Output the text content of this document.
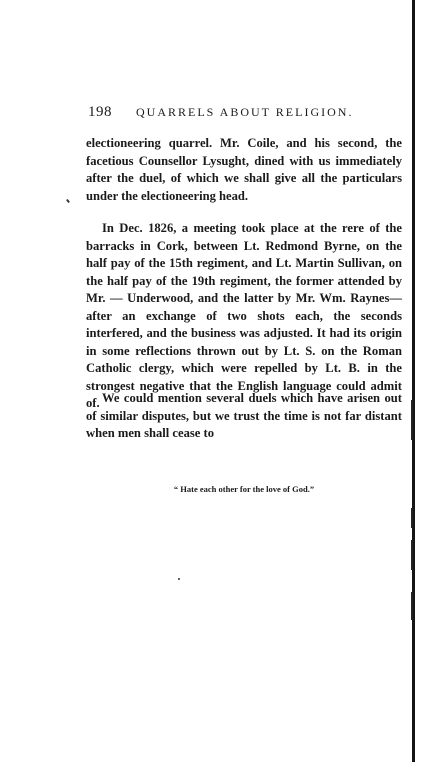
198 QUARRELS ABOUT RELIGION.

electioneering quarrel. Mr. Coile, and his second, the facetious Counsellor Lysught, dined with us immediately after the duel, of which we shall give all the particulars under the electioneering head.

In Dec. 1826, a meeting took place at the rere of the barracks in Cork, between Lt. Redmond Byrne, on the half pay of the 15th regiment, and Lt. Martin Sullivan, on the half pay of the 19th regiment, the former attended by Mr. — Underwood, and the latter by Mr. Wm. Raynes—after an exchange of two shots each, the seconds interfered, and the business was adjusted. It had its origin in some reflections thrown out by Lt. S. on the Roman Catholic clergy, which were repelled by Lt. B. in the strongest negative that the English language could admit of. We could mention several duels which have arisen out of similar disputes, but we trust the time is not far distant when men shall cease to

“ Hate each other for the love of God.”
